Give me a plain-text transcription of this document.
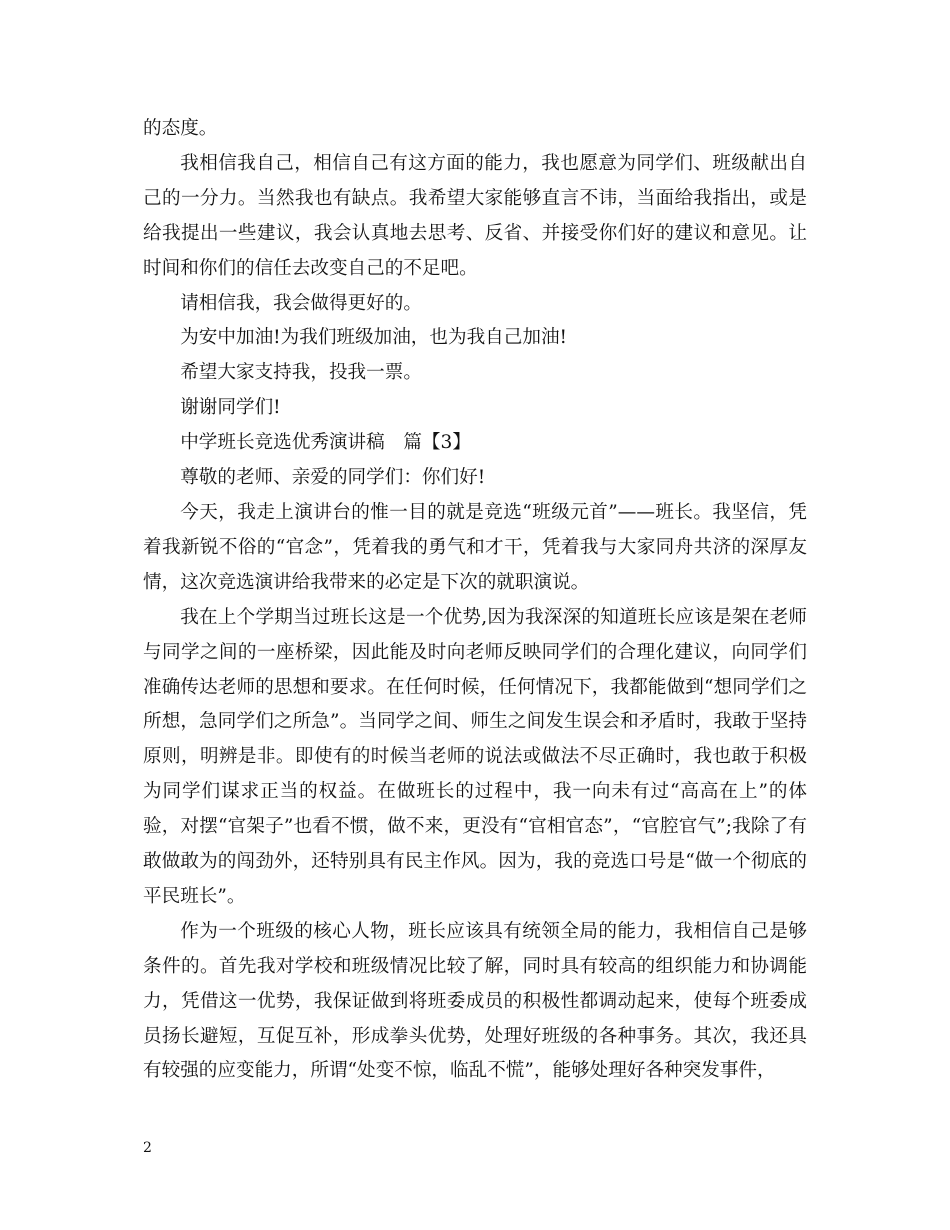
的态度。

我相信我自己，相信自己有这方面的能力，我也愿意为同学们、班级献出自己的一分力。当然我也有缺点。我希望大家能够直言不讳，当面给我指出，或是给我提出一些建议，我会认真地去思考、反省、并接受你们好的建议和意见。让时间和你们的信任去改变自己的不足吧。

请相信我，我会做得更好的。

为安中加油!为我们班级加油，也为我自己加油!

希望大家支持我，投我一票。

谢谢同学们!

中学班长竞选优秀演讲稿　篇【3】

尊敬的老师、亲爱的同学们：你们好!

今天，我走上演讲台的惟一目的就是竞选“班级元首”——班长。我坚信，凭着我新锐不俗的“官念”，凭着我的勇气和才干，凭着我与大家同舟共济的深厚友情，这次竞选演讲给我带来的必定是下次的就职演说。

我在上个学期当过班长这是一个优势,因为我深深的知道班长应该是架在老师与同学之间的一座桥梁，因此能及时向老师反映同学们的合理化建议，向同学们准确传达老师的思想和要求。在任何时候，任何情况下，我都能做到“想同学们之所想，急同学们之所急”。当同学之间、师生之间发生误会和矛盾时，我敢于坚持原则，明辨是非。即使有的时候当老师的说法或做法不尽正确时，我也敢于积极为同学们谋求正当的权益。在做班长的过程中，我一向未有过“高高在上”的体验，对摆“官架子”也看不惯，做不来，更没有“官相官态”，“官腔官气”;我除了有敢做敢为的闯劲外，还特别具有民主作风。因为，我的竞选口号是“做一个彻底的平民班长”。

作为一个班级的核心人物，班长应该具有统领全局的能力，我相信自己是够条件的。首先我对学校和班级情况比较了解，同时具有较高的组织能力和协调能力，凭借这一优势，我保证做到将班委成员的积极性都调动起来，使每个班委成员扬长避短，互促互补，形成拳头优势，处理好班级的各种事务。其次，我还具有较强的应变能力，所谓“处变不惊，临乱不慌”，能够处理好各种突发事件，

2
